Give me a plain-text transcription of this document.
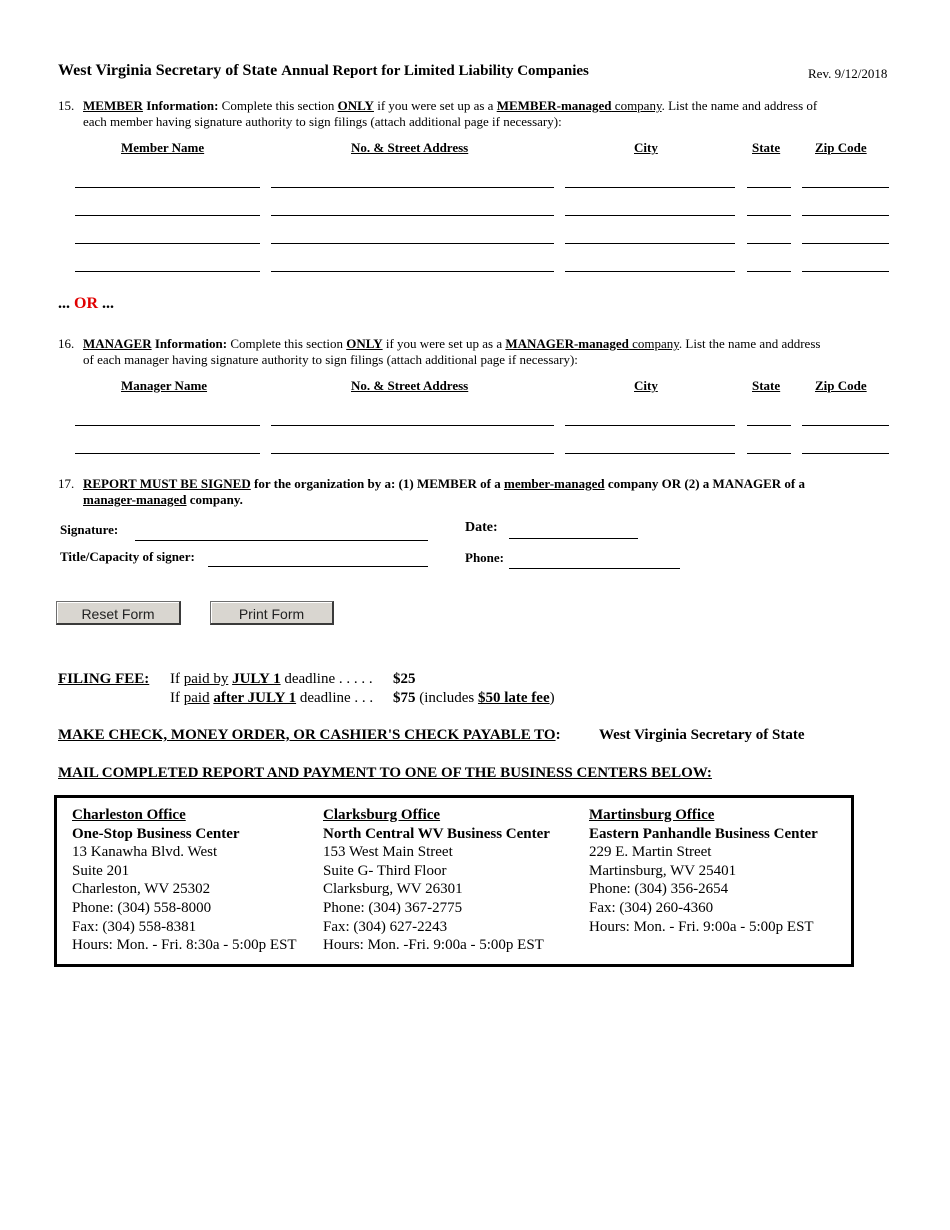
West Virginia Secretary of State Annual Report for Limited Liability Companies	Rev. 9/12/2018
15. MEMBER Information: Complete this section ONLY if you were set up as a MEMBER-managed company. List the name and address of
each member having signature authority to sign filings (attach additional page if necessary):
Member Name	No. & Street Address	City	State	Zip Code
... OR ...
16. MANAGER Information: Complete this section ONLY if you were set up as a MANAGER-managed company. List the name and address
of each manager having signature authority to sign filings (attach additional page if necessary):
Manager Name	No. & Street Address	City	State	Zip Code
17. REPORT MUST BE SIGNED for the organization by a: (1) MEMBER of a member-managed company OR (2) a MANAGER of a
manager-managed company.
Signature:
Title/Capacity of signer:
Date:
Phone:
Reset Form	Print Form
FILING FEE: If paid by JULY 1 deadline . . . . . $25
If paid after JULY 1 deadline . . . $75 (includes $50 late fee)
MAKE CHECK, MONEY ORDER, OR CASHIER'S CHECK PAYABLE TO:	West Virginia Secretary of State
MAIL COMPLETED REPORT AND PAYMENT TO ONE OF THE BUSINESS CENTERS BELOW:
Charleston Office
One-Stop Business Center
13 Kanawha Blvd. West
Suite 201
Charleston, WV 25302
Phone: (304) 558-8000
Fax: (304) 558-8381
Hours: Mon. - Fri. 8:30a - 5:00p EST
Clarksburg Office
North Central WV Business Center
153 West Main Street
Suite G- Third Floor
Clarksburg, WV 26301
Phone: (304) 367-2775
Fax: (304) 627-2243
Hours: Mon. -Fri. 9:00a - 5:00p EST
Martinsburg Office
Eastern Panhandle Business Center
229 E. Martin Street
Martinsburg, WV 25401
Phone: (304) 356-2654
Fax: (304) 260-4360
Hours: Mon. - Fri. 9:00a - 5:00p EST
